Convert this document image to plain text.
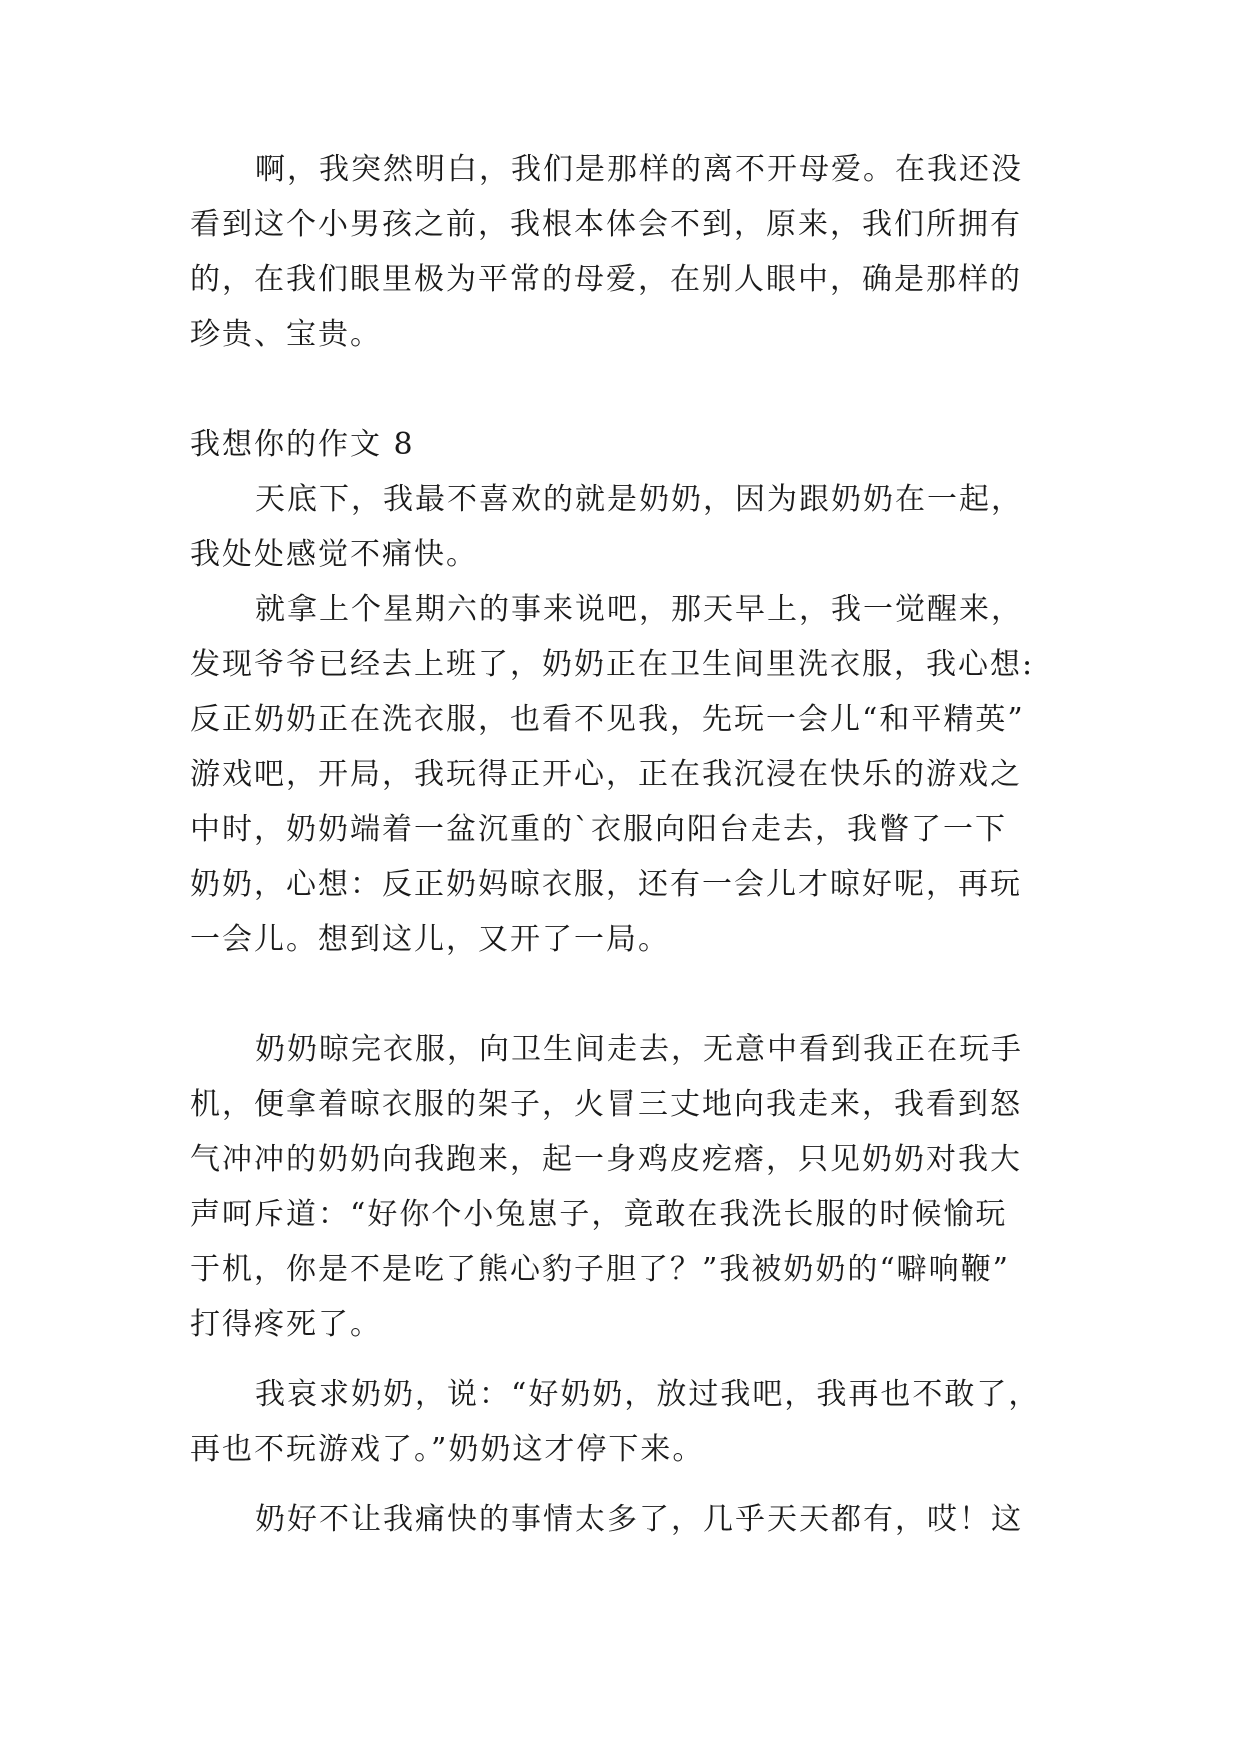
啊，我突然明白，我们是那样的离不开母爱。在我还没
看到这个小男孩之前，我根本体会不到，原来，我们所拥有
的，在我们眼里极为平常的母爱，在别人眼中，确是那样的
珍贵、宝贵。
我想你的作文 8
天底下，我最不喜欢的就是奶奶，因为跟奶奶在一起，
我处处感觉不痛快。
就拿上个星期六的事来说吧，那天早上，我一觉醒来，
发现爷爷已经去上班了，奶奶正在卫生间里洗衣服，我心想:
反正奶奶正在洗衣服，也看不见我，先玩一会儿“和平精英”
游戏吧，开局，我玩得正开心，正在我沉浸在快乐的游戏之
中时，奶奶端着一盆沉重的`衣服向阳台走去，我瞥了一下
奶奶，心想：反正奶妈晾衣服，还有一会儿才晾好呢，再玩
一会儿。想到这儿，又开了一局。
奶奶晾完衣服，向卫生间走去，无意中看到我正在玩手
机，便拿着晾衣服的架子，火冒三丈地向我走来，我看到怒
气冲冲的奶奶向我跑来，起一身鸡皮疙瘩，只见奶奶对我大
声呵斥道：“好你个小兔崽子，竟敢在我洗长服的时候愉玩
于机，你是不是吃了熊心豹子胆了？”我被奶奶的“噼响鞭”
打得疼死了。
我哀求奶奶，说：“好奶奶，放过我吧，我再也不敢了，
再也不玩游戏了。”奶奶这才停下来。
奶好不让我痛快的事情太多了，几乎天天都有，哎！这
